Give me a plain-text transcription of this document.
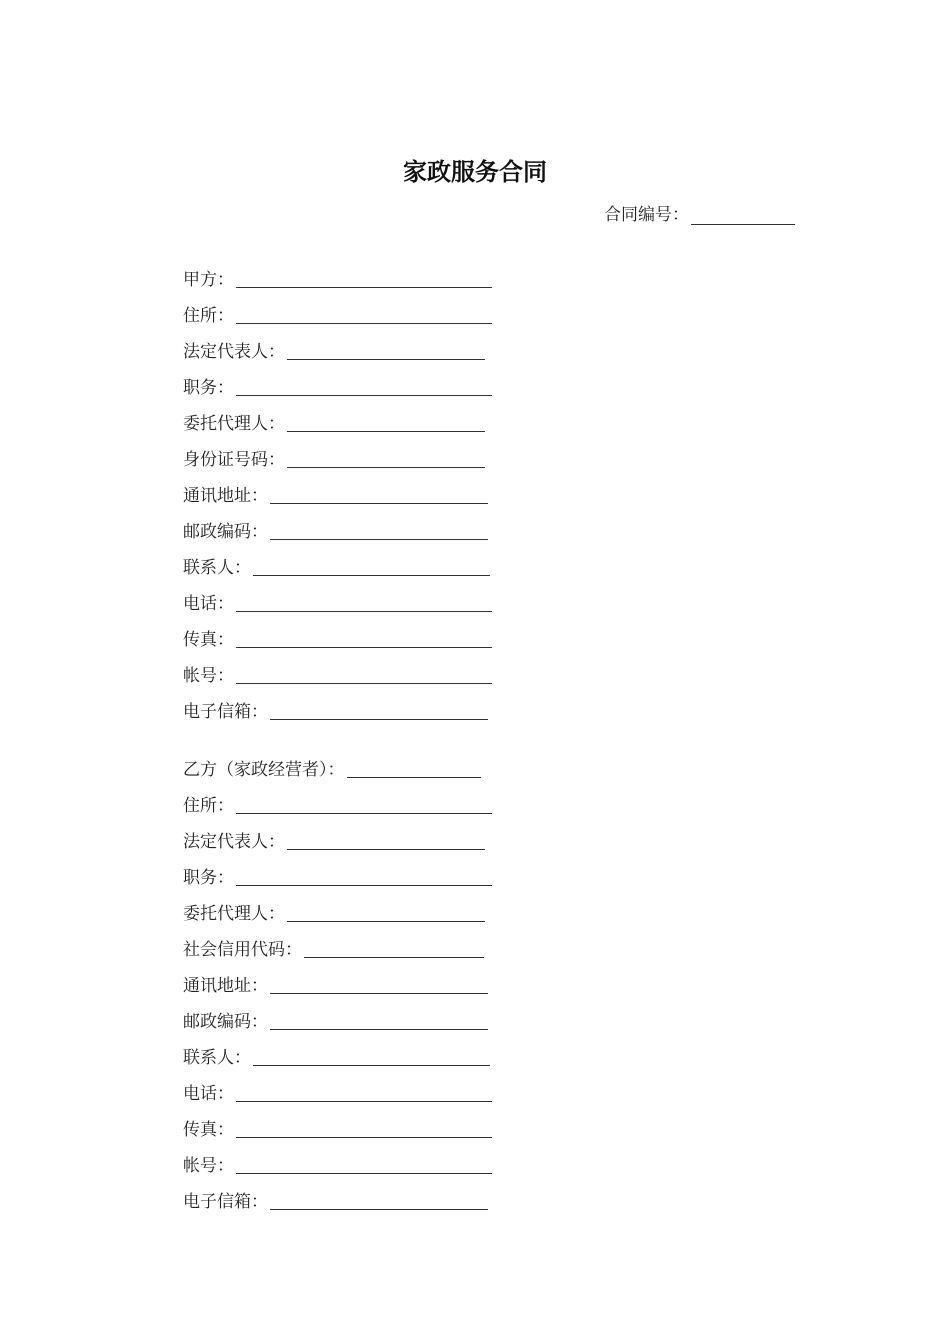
家政服务合同
合同编号：
甲方：
住所：
法定代表人：
职务：
委托代理人：
身份证号码：
通讯地址：
邮政编码：
联系人：
电话：
传真：
帐号：
电子信箱：
乙方（家政经营者）：
住所：
法定代表人：
职务：
委托代理人：
社会信用代码：
通讯地址：
邮政编码：
联系人：
电话：
传真：
帐号：
电子信箱：
